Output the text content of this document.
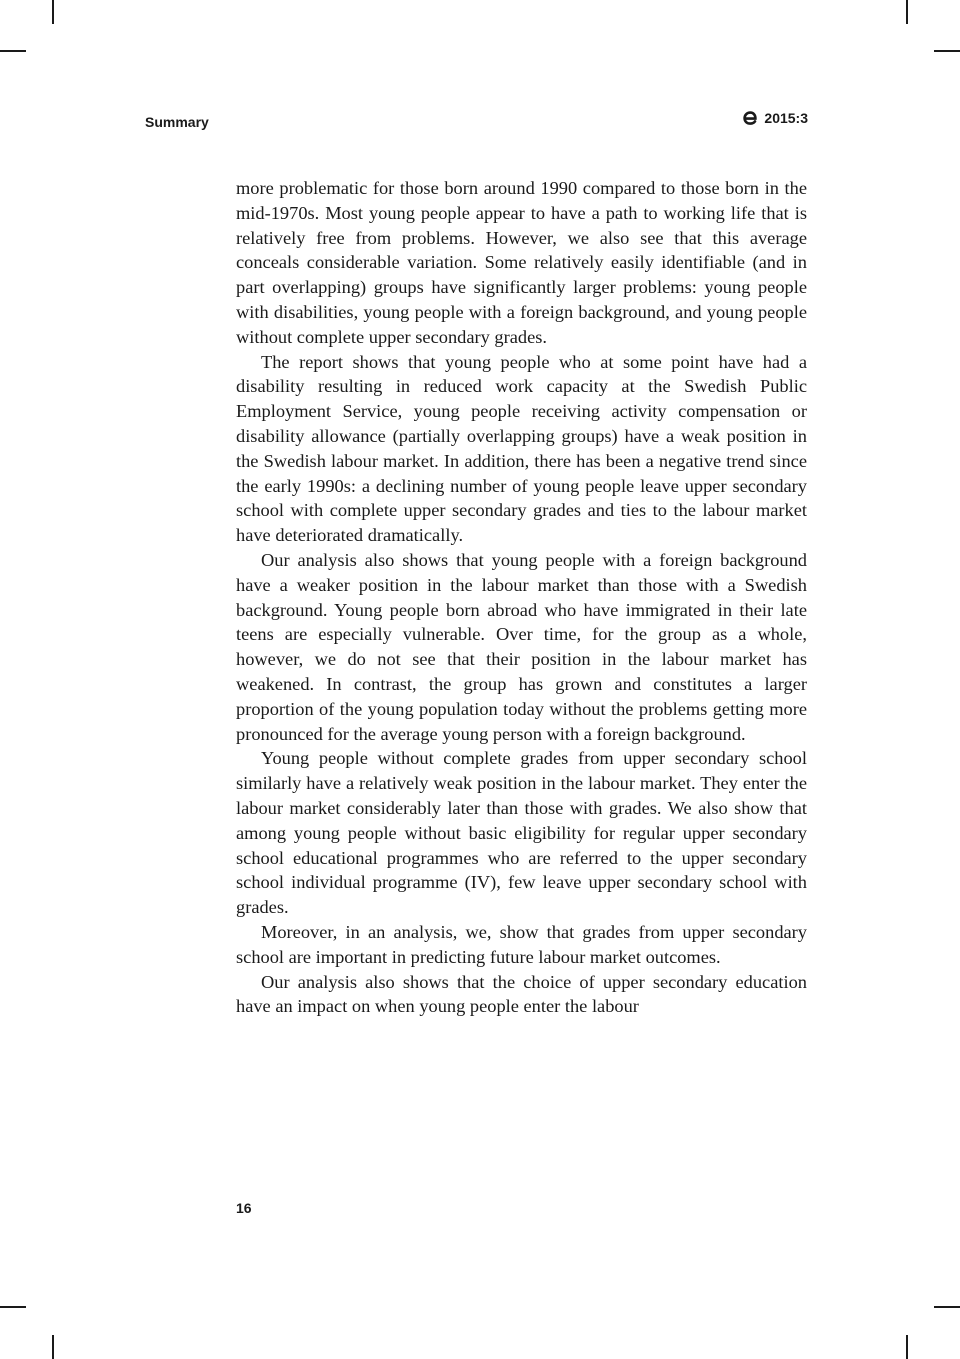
Summary	2015:3

more problematic for those born around 1990 compared to those born in the mid-1970s. Most young people appear to have a path to working life that is relatively free from problems. However, we also see that this average conceals considerable variation. Some relatively easily identifiable (and in part overlapping) groups have significantly larger problems: young people with disabilities, young people with a foreign background, and young people without complete upper secondary grades.

The report shows that young people who at some point have had a disability resulting in reduced work capacity at the Swedish Public Employment Service, young people receiving activity compensation or disability allowance (partially overlapping groups) have a weak position in the Swedish labour market. In addition, there has been a negative trend since the early 1990s: a declining number of young people leave upper secondary school with complete upper secondary grades and ties to the labour market have deteriorated dramatically.

Our analysis also shows that young people with a foreign background have a weaker position in the labour market than those with a Swedish background. Young people born abroad who have immigrated in their late teens are especially vulnerable. Over time, for the group as a whole, however, we do not see that their position in the labour market has weakened. In contrast, the group has grown and constitutes a larger proportion of the young population today without the problems getting more pronounced for the average young person with a foreign background.

Young people without complete grades from upper secondary school similarly have a relatively weak position in the labour market. They enter the labour market considerably later than those with grades. We also show that among young people without basic eligibility for regular upper secondary school educational programmes who are referred to the upper secondary school individual programme (IV), few leave upper secondary school with grades.

Moreover, in an analysis, we, show that grades from upper secondary school are important in predicting future labour market outcomes.

Our analysis also shows that the choice of upper secondary education have an impact on when young people enter the labour

16
